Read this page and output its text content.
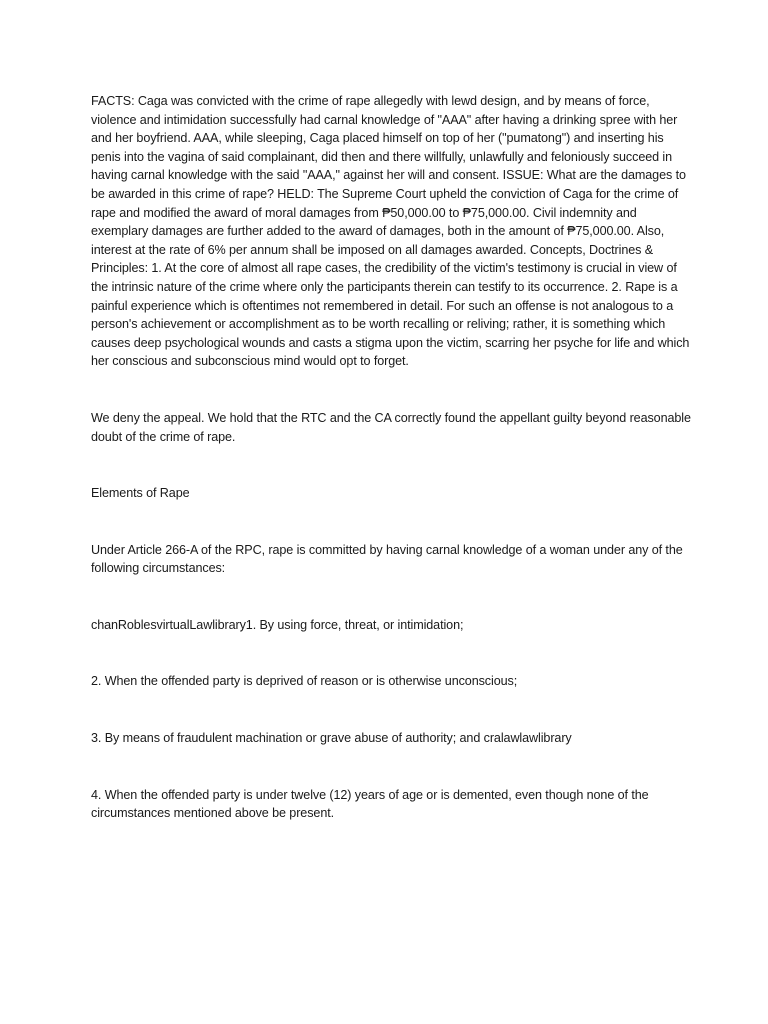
FACTS: Caga was convicted with the crime of rape allegedly with lewd design, and by means of force, violence and intimidation successfully had carnal knowledge of "AAA" after having a drinking spree with her and her boyfriend. AAA, while sleeping, Caga placed himself on top of her ("pumatong") and inserting his penis into the vagina of said complainant, did then and there willfully, unlawfully and feloniously succeed in having carnal knowledge with the said "AAA," against her will and consent. ISSUE: What are the damages to be awarded in this crime of rape? HELD: The Supreme Court upheld the conviction of Caga for the crime of rape and modified the award of moral damages from ₱50,000.00 to ₱75,000.00. Civil indemnity and exemplary damages are further added to the award of damages, both in the amount of ₱75,000.00. Also, interest at the rate of 6% per annum shall be imposed on all damages awarded. Concepts, Doctrines & Principles: 1. At the core of almost all rape cases, the credibility of the victim's testimony is crucial in view of the intrinsic nature of the crime where only the participants therein can testify to its occurrence. 2. Rape is a painful experience which is oftentimes not remembered in detail. For such an offense is not analogous to a person's achievement or accomplishment as to be worth recalling or reliving; rather, it is something which causes deep psychological wounds and casts a stigma upon the victim, scarring her psyche for life and which her conscious and subconscious mind would opt to forget.

We deny the appeal. We hold that the RTC and the CA correctly found the appellant guilty beyond reasonable doubt of the crime of rape.

Elements of Rape

Under Article 266-A of the RPC, rape is committed by having carnal knowledge of a woman under any of the following circumstances:

chanRoblesvirtualLawlibrary1. By using force, threat, or intimidation;

2. When the offended party is deprived of reason or is otherwise unconscious;

3. By means of fraudulent machination or grave abuse of authority; and cralawlawlibrary

4. When the offended party is under twelve (12) years of age or is demented, even though none of the circumstances mentioned above be present.
